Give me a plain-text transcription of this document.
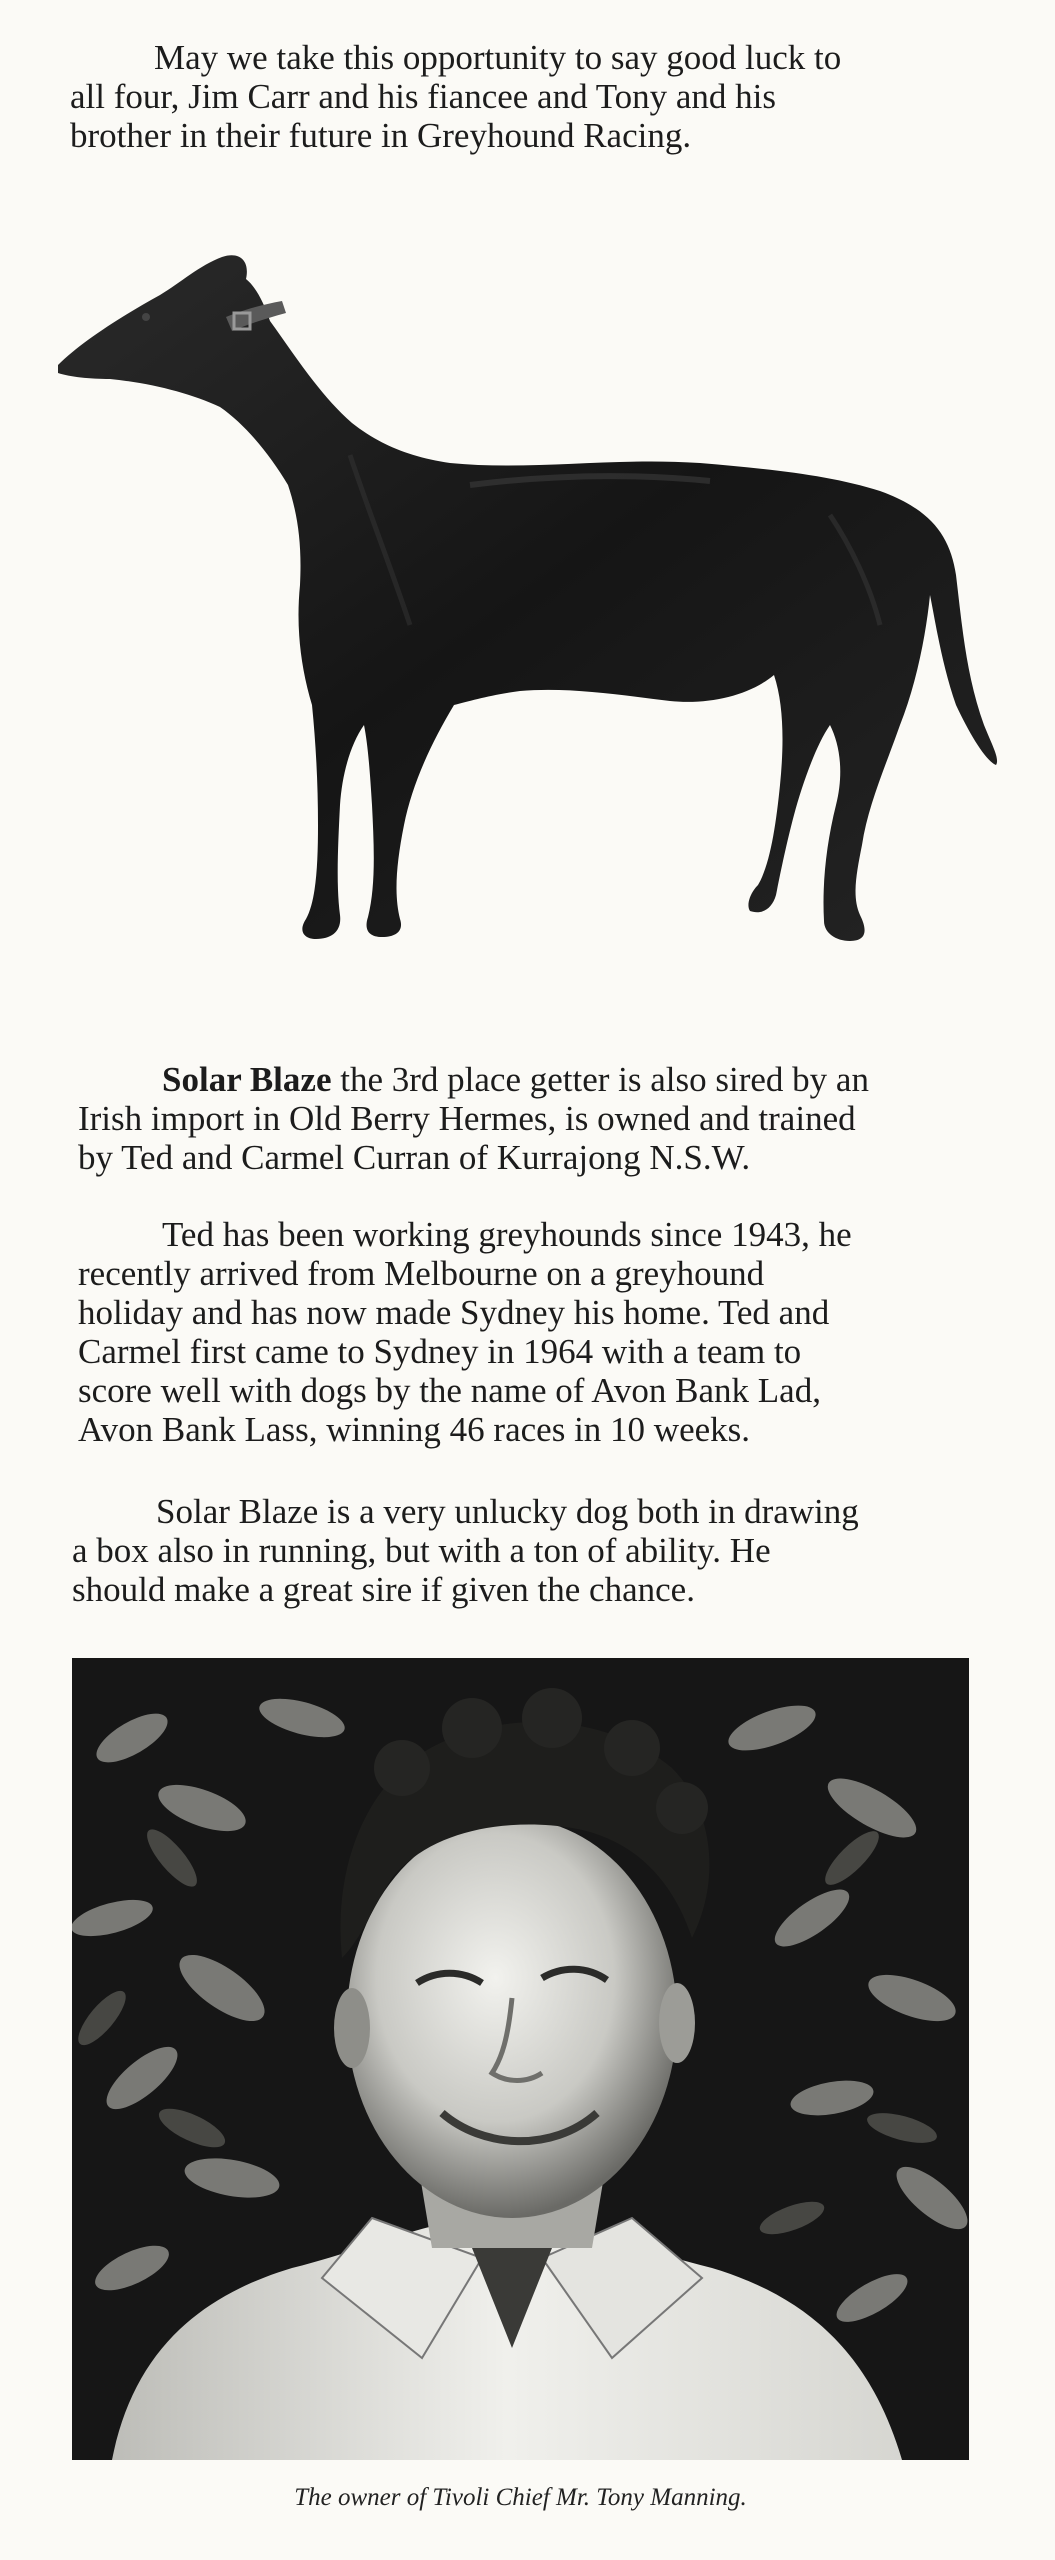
May we take this opportunity to say good luck to
all four, Jim Carr and his fiancee and Tony and his
brother in their future in Greyhound Racing.

Solar Blaze the 3rd place getter is also sired by an
Irish import in Old Berry Hermes, is owned and trained
by Ted and Carmel Curran of Kurrajong N.S.W.

Ted has been working greyhounds since 1943, he
recently arrived from Melbourne on a greyhound
holiday and has now made Sydney his home. Ted and
Carmel first came to Sydney in 1964 with a team to
score well with dogs by the name of Avon Bank Lad,
Avon Bank Lass, winning 46 races in 10 weeks.

Solar Blaze is a very unlucky dog both in drawing
a box also in running, but with a ton of ability. He
should make a great sire if given the chance.

The owner of Tivoli Chief Mr. Tony Manning.
